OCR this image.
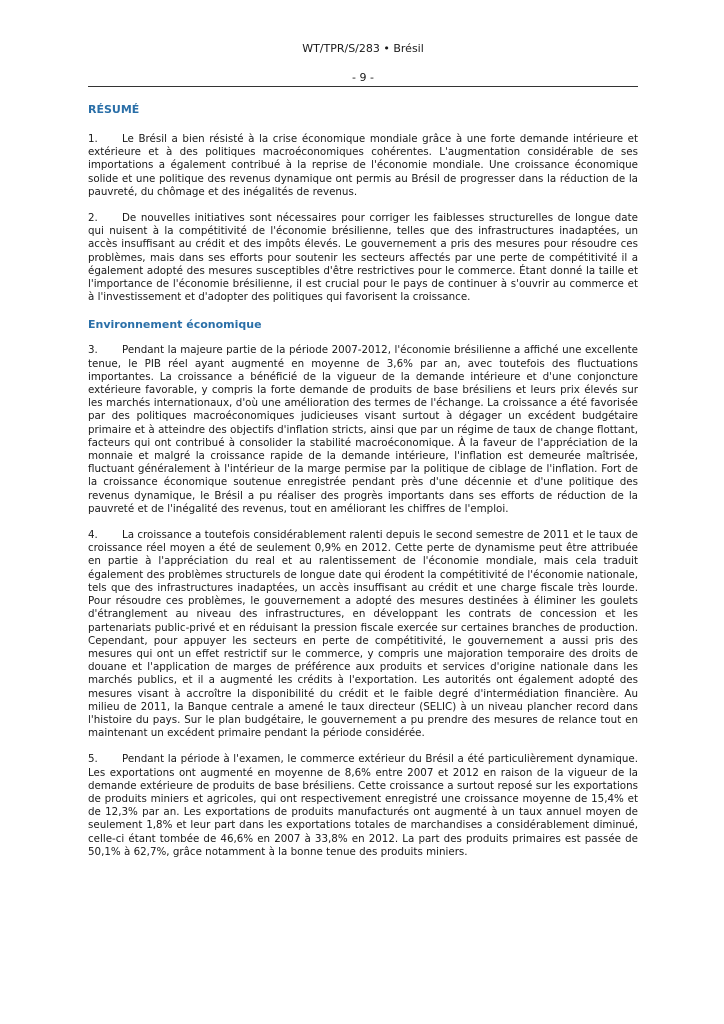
WT/TPR/S/283 • Brésil
- 9 -
RÉSUMÉ

1. Le Brésil a bien résisté à la crise économique mondiale grâce à une forte demande intérieure et extérieure et à des politiques macroéconomiques cohérentes. L'augmentation considérable de ses importations a également contribué à la reprise de l'économie mondiale. Une croissance économique solide et une politique des revenus dynamique ont permis au Brésil de progresser dans la réduction de la pauvreté, du chômage et des inégalités de revenus.

2. De nouvelles initiatives sont nécessaires pour corriger les faiblesses structurelles de longue date qui nuisent à la compétitivité de l'économie brésilienne, telles que des infrastructures inadaptées, un accès insuffisant au crédit et des impôts élevés. Le gouvernement a pris des mesures pour résoudre ces problèmes, mais dans ses efforts pour soutenir les secteurs affectés par une perte de compétitivité il a également adopté des mesures susceptibles d'être restrictives pour le commerce. Étant donné la taille et l'importance de l'économie brésilienne, il est crucial pour le pays de continuer à s'ouvrir au commerce et à l'investissement et d'adopter des politiques qui favorisent la croissance.

Environnement économique

3. Pendant la majeure partie de la période 2007-2012, l'économie brésilienne a affiché une excellente tenue, le PIB réel ayant augmenté en moyenne de 3,6% par an, avec toutefois des fluctuations importantes. La croissance a bénéficié de la vigueur de la demande intérieure et d'une conjoncture extérieure favorable, y compris la forte demande de produits de base brésiliens et leurs prix élevés sur les marchés internationaux, d'où une amélioration des termes de l'échange. La croissance a été favorisée par des politiques macroéconomiques judicieuses visant surtout à dégager un excédent budgétaire primaire et à atteindre des objectifs d'inflation stricts, ainsi que par un régime de taux de change flottant, facteurs qui ont contribué à consolider la stabilité macroéconomique. À la faveur de l'appréciation de la monnaie et malgré la croissance rapide de la demande intérieure, l'inflation est demeurée maîtrisée, fluctuant généralement à l'intérieur de la marge permise par la politique de ciblage de l'inflation. Fort de la croissance économique soutenue enregistrée pendant près d'une décennie et d'une politique des revenus dynamique, le Brésil a pu réaliser des progrès importants dans ses efforts de réduction de la pauvreté et de l'inégalité des revenus, tout en améliorant les chiffres de l'emploi.

4. La croissance a toutefois considérablement ralenti depuis le second semestre de 2011 et le taux de croissance réel moyen a été de seulement 0,9% en 2012. Cette perte de dynamisme peut être attribuée en partie à l'appréciation du real et au ralentissement de l'économie mondiale, mais cela traduit également des problèmes structurels de longue date qui érodent la compétitivité de l'économie nationale, tels que des infrastructures inadaptées, un accès insuffisant au crédit et une charge fiscale très lourde. Pour résoudre ces problèmes, le gouvernement a adopté des mesures destinées à éliminer les goulets d'étranglement au niveau des infrastructures, en développant les contrats de concession et les partenariats public-privé et en réduisant la pression fiscale exercée sur certaines branches de production. Cependant, pour appuyer les secteurs en perte de compétitivité, le gouvernement a aussi pris des mesures qui ont un effet restrictif sur le commerce, y compris une majoration temporaire des droits de douane et l'application de marges de préférence aux produits et services d'origine nationale dans les marchés publics, et il a augmenté les crédits à l'exportation. Les autorités ont également adopté des mesures visant à accroître la disponibilité du crédit et le faible degré d'intermédiation financière. Au milieu de 2011, la Banque centrale a amené le taux directeur (SELIC) à un niveau plancher record dans l'histoire du pays. Sur le plan budgétaire, le gouvernement a pu prendre des mesures de relance tout en maintenant un excédent primaire pendant la période considérée.

5. Pendant la période à l'examen, le commerce extérieur du Brésil a été particulièrement dynamique. Les exportations ont augmenté en moyenne de 8,6% entre 2007 et 2012 en raison de la vigueur de la demande extérieure de produits de base brésiliens. Cette croissance a surtout reposé sur les exportations de produits miniers et agricoles, qui ont respectivement enregistré une croissance moyenne de 15,4% et de 12,3% par an. Les exportations de produits manufacturés ont augmenté à un taux annuel moyen de seulement 1,8% et leur part dans les exportations totales de marchandises a considérablement diminué, celle-ci étant tombée de 46,6% en 2007 à 33,8% en 2012. La part des produits primaires est passée de 50,1% à 62,7%, grâce notamment à la bonne tenue des produits miniers.
